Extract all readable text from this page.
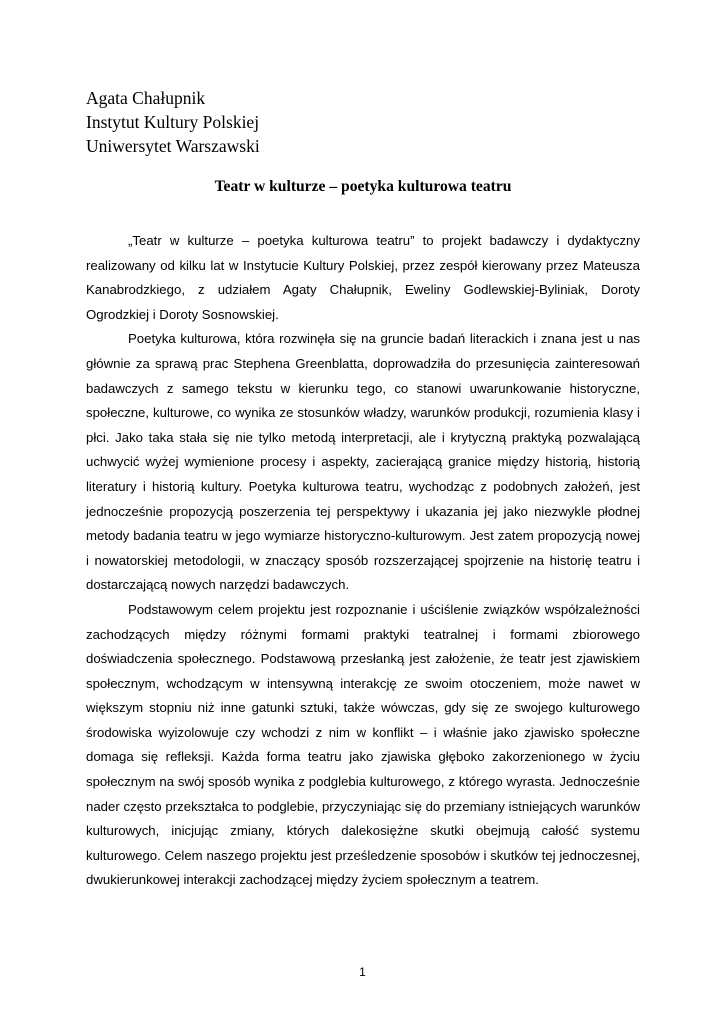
Agata Chałupnik
Instytut Kultury Polskiej
Uniwersytet Warszawski
Teatr w kulturze – poetyka kulturowa teatru

„Teatr w kulturze – poetyka kulturowa teatru” to projekt badawczy i dydaktyczny realizowany od kilku lat w Instytucie Kultury Polskiej, przez zespół kierowany przez Mateusza Kanabrodzkiego, z udziałem Agaty Chałupnik, Eweliny Godlewskiej-Byliniak, Doroty Ogrodzkiej i Doroty Sosnowskiej.

Poetyka kulturowa, która rozwinęła się na gruncie badań literackich i znana jest u nas głównie za sprawą prac Stephena Greenblatta, doprowadziła do przesunięcia zainteresowań badawczych z samego tekstu w kierunku tego, co stanowi uwarunkowanie historyczne, społeczne, kulturowe, co wynika ze stosunków władzy, warunków produkcji, rozumienia klasy i płci. Jako taka stała się nie tylko metodą interpretacji, ale i krytyczną praktyką pozwalającą uchwycić wyżej wymienione procesy i aspekty, zacierającą granice między historią, historią literatury i historią kultury. Poetyka kulturowa teatru, wychodząc z podobnych założeń, jest jednocześnie propozycją poszerzenia tej perspektywy i ukazania jej jako niezwykle płodnej metody badania teatru w jego wymiarze historyczno-kulturowym. Jest zatem propozycją nowej i nowatorskiej metodologii, w znaczący sposób rozszerzającej spojrzenie na historię teatru i dostarczającą nowych narzędzi badawczych.

Podstawowym celem projektu jest rozpoznanie i uściślenie związków współzależności zachodzących między różnymi formami praktyki teatralnej i formami zbiorowego doświadczenia społecznego. Podstawową przesłanką jest założenie, że teatr jest zjawiskiem społecznym, wchodzącym w intensywną interakcję ze swoim otoczeniem, może nawet w większym stopniu niż inne gatunki sztuki, także wówczas, gdy się ze swojego kulturowego środowiska wyizolowuje czy wchodzi z nim w konflikt – i właśnie jako zjawisko społeczne domaga się refleksji. Każda forma teatru jako zjawiska głęboko zakorzenionego w życiu społecznym na swój sposób wynika z podglebia kulturowego, z którego wyrasta. Jednocześnie nader często przekształca to podglebie, przyczyniając się do przemiany istniejących warunków kulturowych, inicjując zmiany, których dalekosiężne skutki obejmują całość systemu kulturowego. Celem naszego projektu jest prześledzenie sposobów i skutków tej jednoczesnej, dwukierunkowej interakcji zachodzącej między życiem społecznym a teatrem.

1
